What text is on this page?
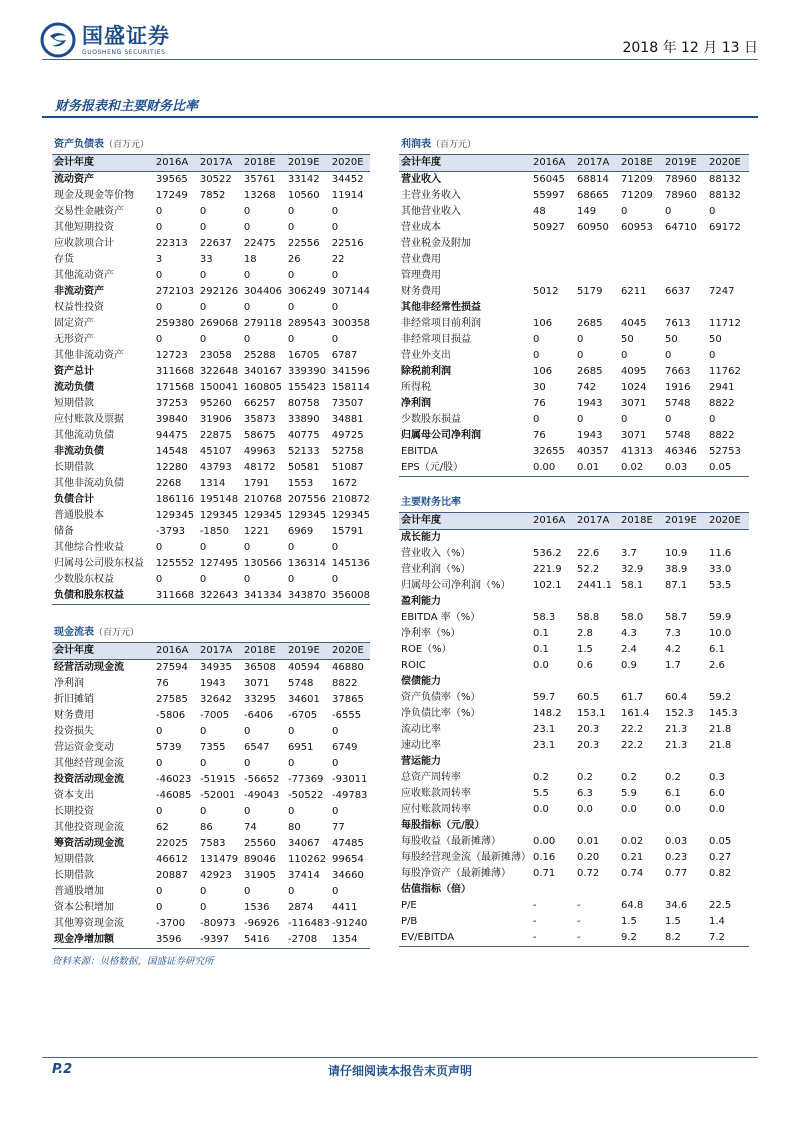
国盛证券
GUOSHENG SECURITIES	2018 年 12 月 13 日
财务报表和主要财务比率
资产负债表（百万元）					
会计年度	2016A	2017A	2018E	2019E	2020E
流动资产	39565	30522	35761	33142	34452
现金及现金等价物	17249	7852	13268	10560	11914
交易性金融资产	0	0	0	0	0
其他短期投资	0	0	0	0	0
应收款项合计	22313	22637	22475	22556	22516
存货	3	33	18	26	22
其他流动资产	0	0	0	0	0
非流动资产	272103	292126	304406	306249	307144
权益性投资	0	0	0	0	0
固定资产	259380	269068	279118	289543	300358
无形资产	0	0	0	0	0
其他非流动资产	12723	23058	25288	16705	6787
资产总计	311668	322648	340167	339390	341596
流动负债	171568	150041	160805	155423	158114
短期借款	37253	95260	66257	80758	73507
应付账款及票据	39840	31906	35873	33890	34881
其他流动负债	94475	22875	58675	40775	49725
非流动负债	14548	45107	49963	52133	52758
长期借款	12280	43793	48172	50581	51087
其他非流动负债	2268	1314	1791	1553	1672
负债合计	186116	195148	210768	207556	210872
普通股股本	129345	129345	129345	129345	129345
储备	-3793	-1850	1221	6969	15791
其他综合性收益	0	0	0	0	0
归属母公司股东权益	125552	127495	130566	136314	145136
少数股东权益	0	0	0	0	0
负债和股东权益	311668	322643	341334	343870	356008
利润表（百万元）					
会计年度	2016A	2017A	2018E	2019E	2020E
营业收入	56045	68814	71209	78960	88132
主营业务收入	55997	68665	71209	78960	88132
其他营业收入	48	149	0	0	0
营业成本	50927	60950	60953	64710	69172
营业税金及附加					
营业费用					
管理费用					
财务费用	5012	5179	6211	6637	7247
其他非经常性损益					
非经常项目前利润	106	2685	4045	7613	11712
非经常项目损益	0	0	50	50	50
营业外支出	0	0	0	0	0
除税前利润	106	2685	4095	7663	11762
所得税	30	742	1024	1916	2941
净利润	76	1943	3071	5748	8822
少数股东损益	0	0	0	0	0
归属母公司净利润	76	1943	3071	5748	8822
EBITDA	32655	40357	41313	46346	52753
EPS（元/股）	0.00	0.01	0.02	0.03	0.05
现金流表（百万元）					
会计年度	2016A	2017A	2018E	2019E	2020E
经营活动现金流	27594	34935	36508	40594	46880
净利润	76	1943	3071	5748	8822
折旧摊销	27585	32642	33295	34601	37865
财务费用	-5806	-7005	-6406	-6705	-6555
投资损失	0	0	0	0	0
营运资金变动	5739	7355	6547	6951	6749
其他经营现金流	0	0	0	0	0
投资活动现金流	-46023	-51915	-56652	-77369	-93011
资本支出	-46085	-52001	-49043	-50522	-49783
长期投资	0	0	0	0	0
其他投资现金流	62	86	74	80	77
筹资活动现金流	22025	7583	25560	34067	47485
短期借款	46612	131479	89046	110262	99654
长期借款	20887	42923	31905	37414	34660
普通股增加	0	0	0	0	0
资本公积增加	0	0	1536	2874	4411
其他筹资现金流	-3700	-80973	-96926	-116483	-91240
现金净增加额	3596	-9397	5416	-2708	1354
主要财务比率					
会计年度	2016A	2017A	2018E	2019E	2020E
成长能力					
营业收入（%）	536.2	22.6	3.7	10.9	11.6
营业利润（%）	221.9	52.2	32.9	38.9	33.0
归属母公司净利润（%）	102.1	2441.1	58.1	87.1	53.5
盈利能力					
EBITDA 率（%）	58.3	58.8	58.0	58.7	59.9
净利率（%）	0.1	2.8	4.3	7.3	10.0
ROE（%）	0.1	1.5	2.4	4.2	6.1
ROIC	0.0	0.6	0.9	1.7	2.6
偿债能力					
资产负债率（%）	59.7	60.5	61.7	60.4	59.2
净负债比率（%）	148.2	153.1	161.4	152.3	145.3
流动比率	23.1	20.3	22.2	21.3	21.8
速动比率	23.1	20.3	22.2	21.3	21.8
营运能力					
总资产周转率	0.2	0.2	0.2	0.2	0.3
应收账款周转率	5.5	6.3	5.9	6.1	6.0
应付账款周转率	0.0	0.0	0.0	0.0	0.0
每股指标（元/股）					
每股收益（最新摊薄）	0.00	0.01	0.02	0.03	0.05
每股经营现金流（最新摊薄）	0.16	0.20	0.21	0.23	0.27
每股净资产（最新摊薄）	0.71	0.72	0.74	0.77	0.82
估值指标（倍）					
P/E	-	-	64.8	34.6	22.5
P/B	-	-	1.5	1.5	1.4
EV/EBITDA	-	-	9.2	8.2	7.2
资料来源：贝格数据，国盛证券研究所
P.2	请仔细阅读本报告末页声明
